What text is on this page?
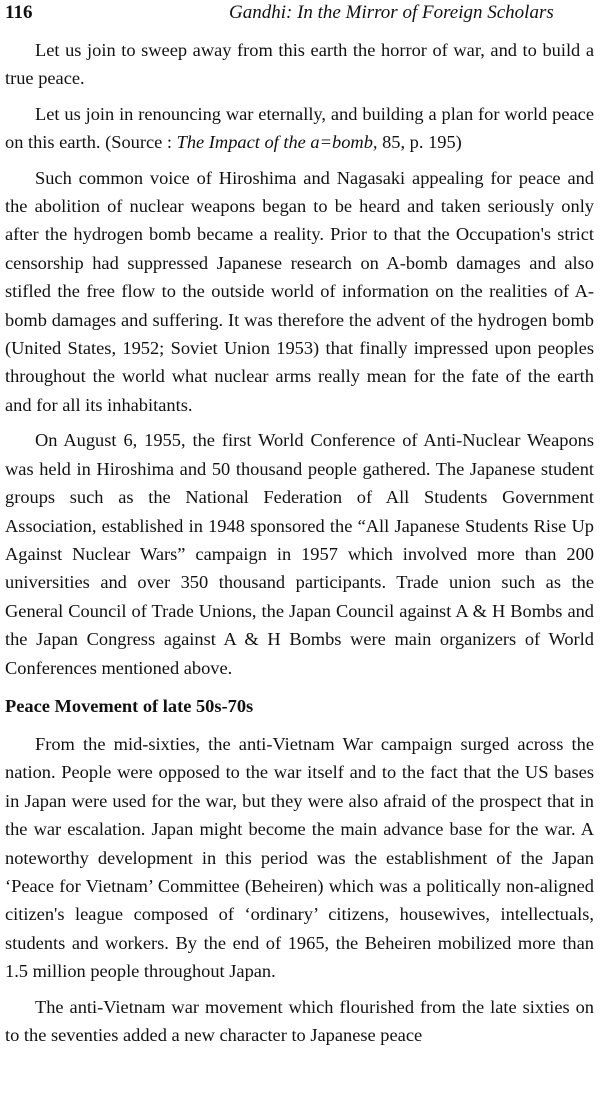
116	Gandhi: In the Mirror of Foreign Scholars

Let us join to sweep away from this earth the horror of war, and to build a true peace.

Let us join in renouncing war eternally, and building a plan for world peace on this earth. (Source : The Impact of the a=bomb, 85, p. 195)

Such common voice of Hiroshima and Nagasaki appealing for peace and the abolition of nuclear weapons began to be heard and taken seriously only after the hydrogen bomb became a reality. Prior to that the Occupation's strict censorship had suppressed Japanese research on A-bomb damages and also stifled the free flow to the outside world of information on the realities of A-bomb damages and suffering. It was therefore the advent of the hydrogen bomb (United States, 1952; Soviet Union 1953) that finally impressed upon peoples throughout the world what nuclear arms really mean for the fate of the earth and for all its inhabitants.

On August 6, 1955, the first World Conference of Anti-Nuclear Weapons was held in Hiroshima and 50 thousand people gathered. The Japanese student groups such as the National Federation of All Students Government Association, established in 1948 sponsored the “All Japanese Students Rise Up Against Nuclear Wars” campaign in 1957 which involved more than 200 universities and over 350 thousand participants. Trade union such as the General Council of Trade Unions, the Japan Council against A & H Bombs and the Japan Congress against A & H Bombs were main organizers of World Conferences mentioned above.

Peace Movement of late 50s-70s

From the mid-sixties, the anti-Vietnam War campaign surged across the nation. People were opposed to the war itself and to the fact that the US bases in Japan were used for the war, but they were also afraid of the prospect that in the war escalation. Japan might become the main advance base for the war. A noteworthy development in this period was the establishment of the Japan ‘Peace for Vietnam’ Committee (Beheiren) which was a politically non-aligned citizen's league composed of ‘ordinary’ citizens, housewives, intellectuals, students and workers. By the end of 1965, the Beheiren mobilized more than 1.5 million people throughout Japan.

The anti-Vietnam war movement which flourished from the late sixties on to the seventies added a new character to Japanese peace
